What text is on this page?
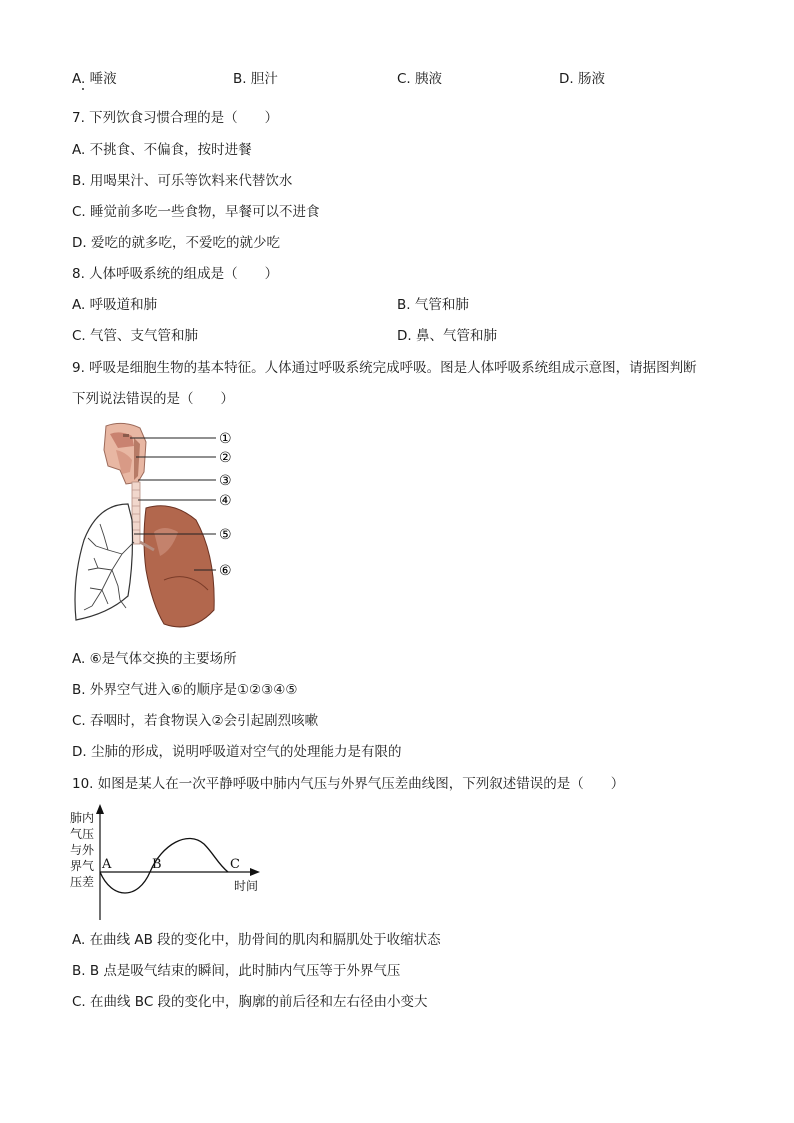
A. 唾液	B. 胆汁	C. 胰液	D. 肠液
7. 下列饮食习惯合理的是（　　）
A. 不挑食、不偏食，按时进餐
B. 用喝果汁、可乐等饮料来代替饮水
C. 睡觉前多吃一些食物，早餐可以不进食
D. 爱吃的就多吃，不爱吃的就少吃
8. 人体呼吸系统的组成是（　　）
A. 呼吸道和肺	B. 气管和肺
C. 气管、支气管和肺	D. 鼻、气管和肺
9. 呼吸是细胞生物的基本特征。人体通过呼吸系统完成呼吸。图是人体呼吸系统组成示意图，请据图判断
下列说法错误的是（　　）
①
②
③
④
⑤
⑥
A. ⑥是气体交换的主要场所
B. 外界空气进入⑥的顺序是①②③④⑤
C. 吞咽时，若食物误入②会引起剧烈咳嗽
D. 尘肺的形成，说明呼吸道对空气的处理能力是有限的
10. 如图是某人在一次平静呼吸中肺内气压与外界气压差曲线图，下列叙述错误的是（　　）
肺内
气压
与外
界气
压差
A	B	C
时间
A. 在曲线 AB 段的变化中，肋骨间的肌肉和膈肌处于收缩状态
B. B 点是吸气结束的瞬间，此时肺内气压等于外界气压
C. 在曲线 BC 段的变化中，胸廓的前后径和左右径由小变大
